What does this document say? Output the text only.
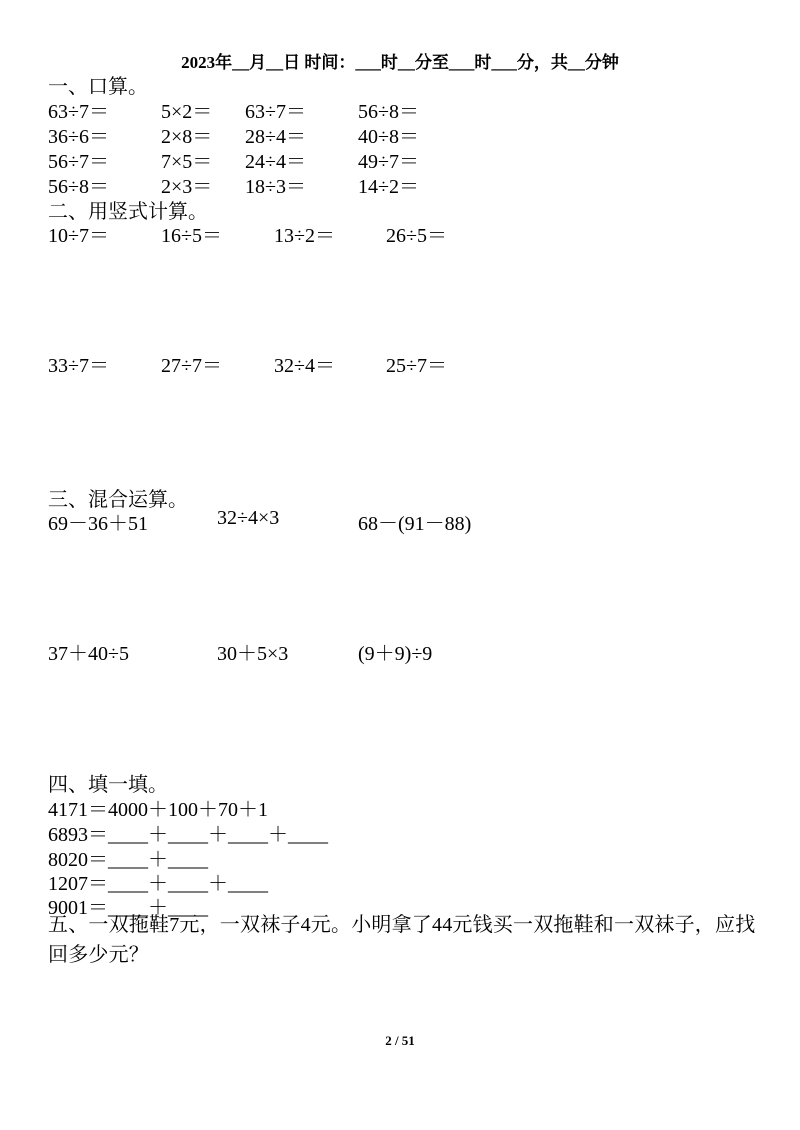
2023年__月__日 时间：___时__分至___时___分，共__分钟
一、口算。
63÷7＝	5×2＝ 63÷7＝	56÷8＝
36÷6＝	2×8＝ 28÷4＝	40÷8＝
56÷7＝	7×5＝ 24÷4＝	49÷7＝
56÷8＝	2×3＝ 18÷3＝	14÷2＝
二、用竖式计算。
10÷7＝	16÷5＝	13÷2＝	26÷5＝
33÷7＝	27÷7＝	32÷4＝	25÷7＝
三、混合运算。
69－36＋51	32÷4×3	68－(91－88)
37＋40÷5	30＋5×3	(9＋9)÷9
四、填一填。
4171＝4000＋100＋70＋1
6893＝____＋____＋____＋____
8020＝____＋____
1207＝____＋____＋____
9001＝____＋____
五、一双拖鞋7元，一双袜子4元。小明拿了44元钱买一双拖鞋和一双袜子，应找回多少元？
2 / 51
